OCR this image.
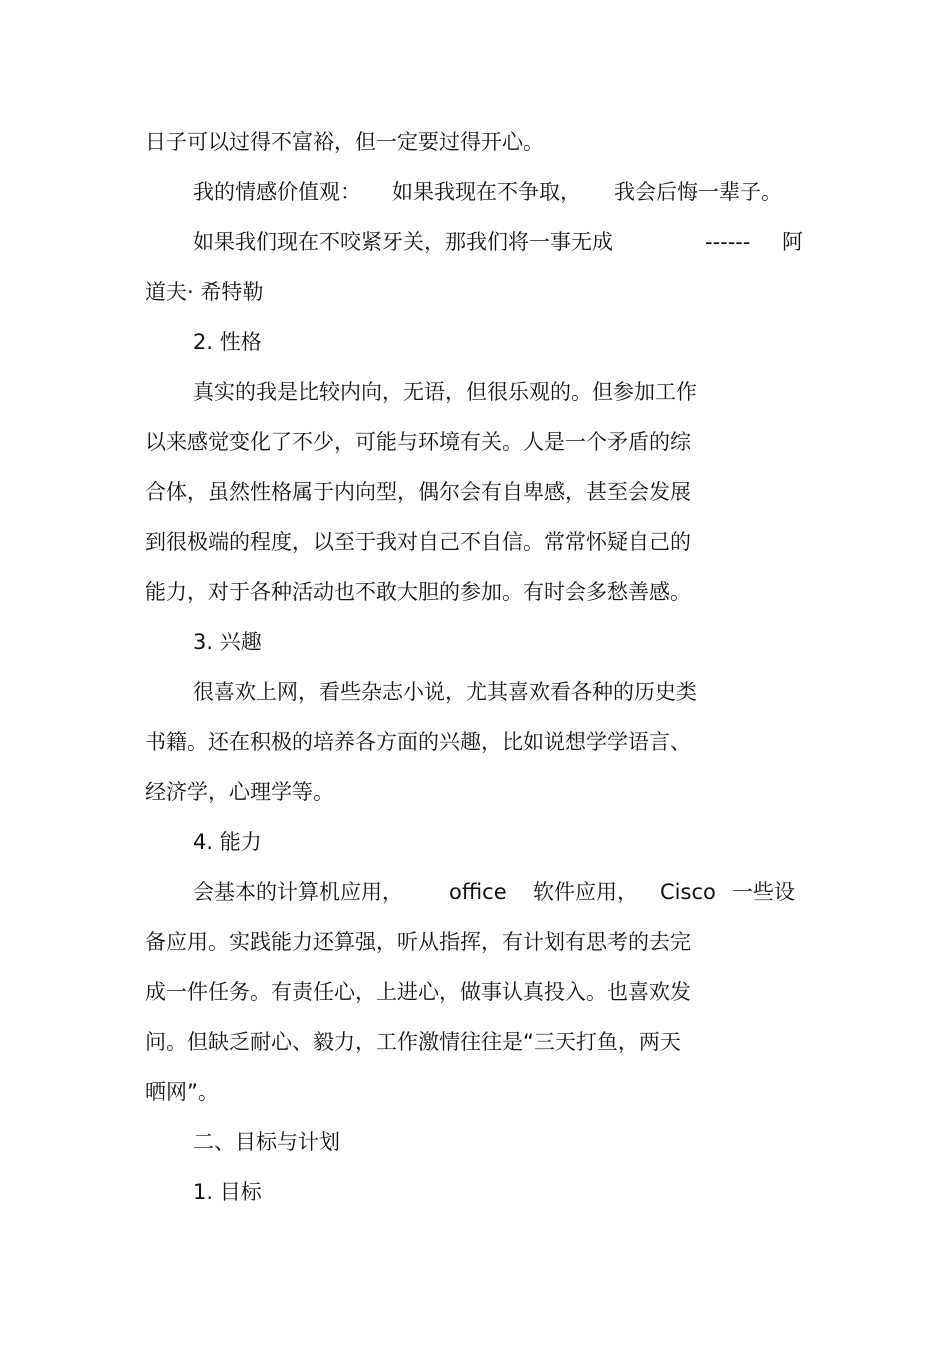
日子可以过得不富裕，但一定要过得开心。
我的情感价值观： 如果我现在不争取， 我会后悔一辈子。
如果我们现在不咬紧牙关，那我们将一事无成	------ 阿
道夫· 希特勒
2. 性格
真实的我是比较内向，无语，但很乐观的。但参加工作
以来感觉变化了不少，可能与环境有关。人是一个矛盾的综
合体，虽然性格属于内向型，偶尔会有自卑感，甚至会发展
到很极端的程度，以至于我对自己不自信。常常怀疑自己的
能力，对于各种活动也不敢大胆的参加。有时会多愁善感。
3. 兴趣
很喜欢上网，看些杂志小说，尤其喜欢看各种的历史类
书籍。还在积极的培养各方面的兴趣，比如说想学学语言、
经济学，心理学等。
4. 能力
会基本的计算机应用， office 软件应用， Cisco 一些设
备应用。实践能力还算强，听从指挥，有计划有思考的去完
成一件任务。有责任心，上进心，做事认真投入。也喜欢发
问。但缺乏耐心、毅力，工作激情往往是“三天打鱼，两天
晒网”。
二、目标与计划
1. 目标
